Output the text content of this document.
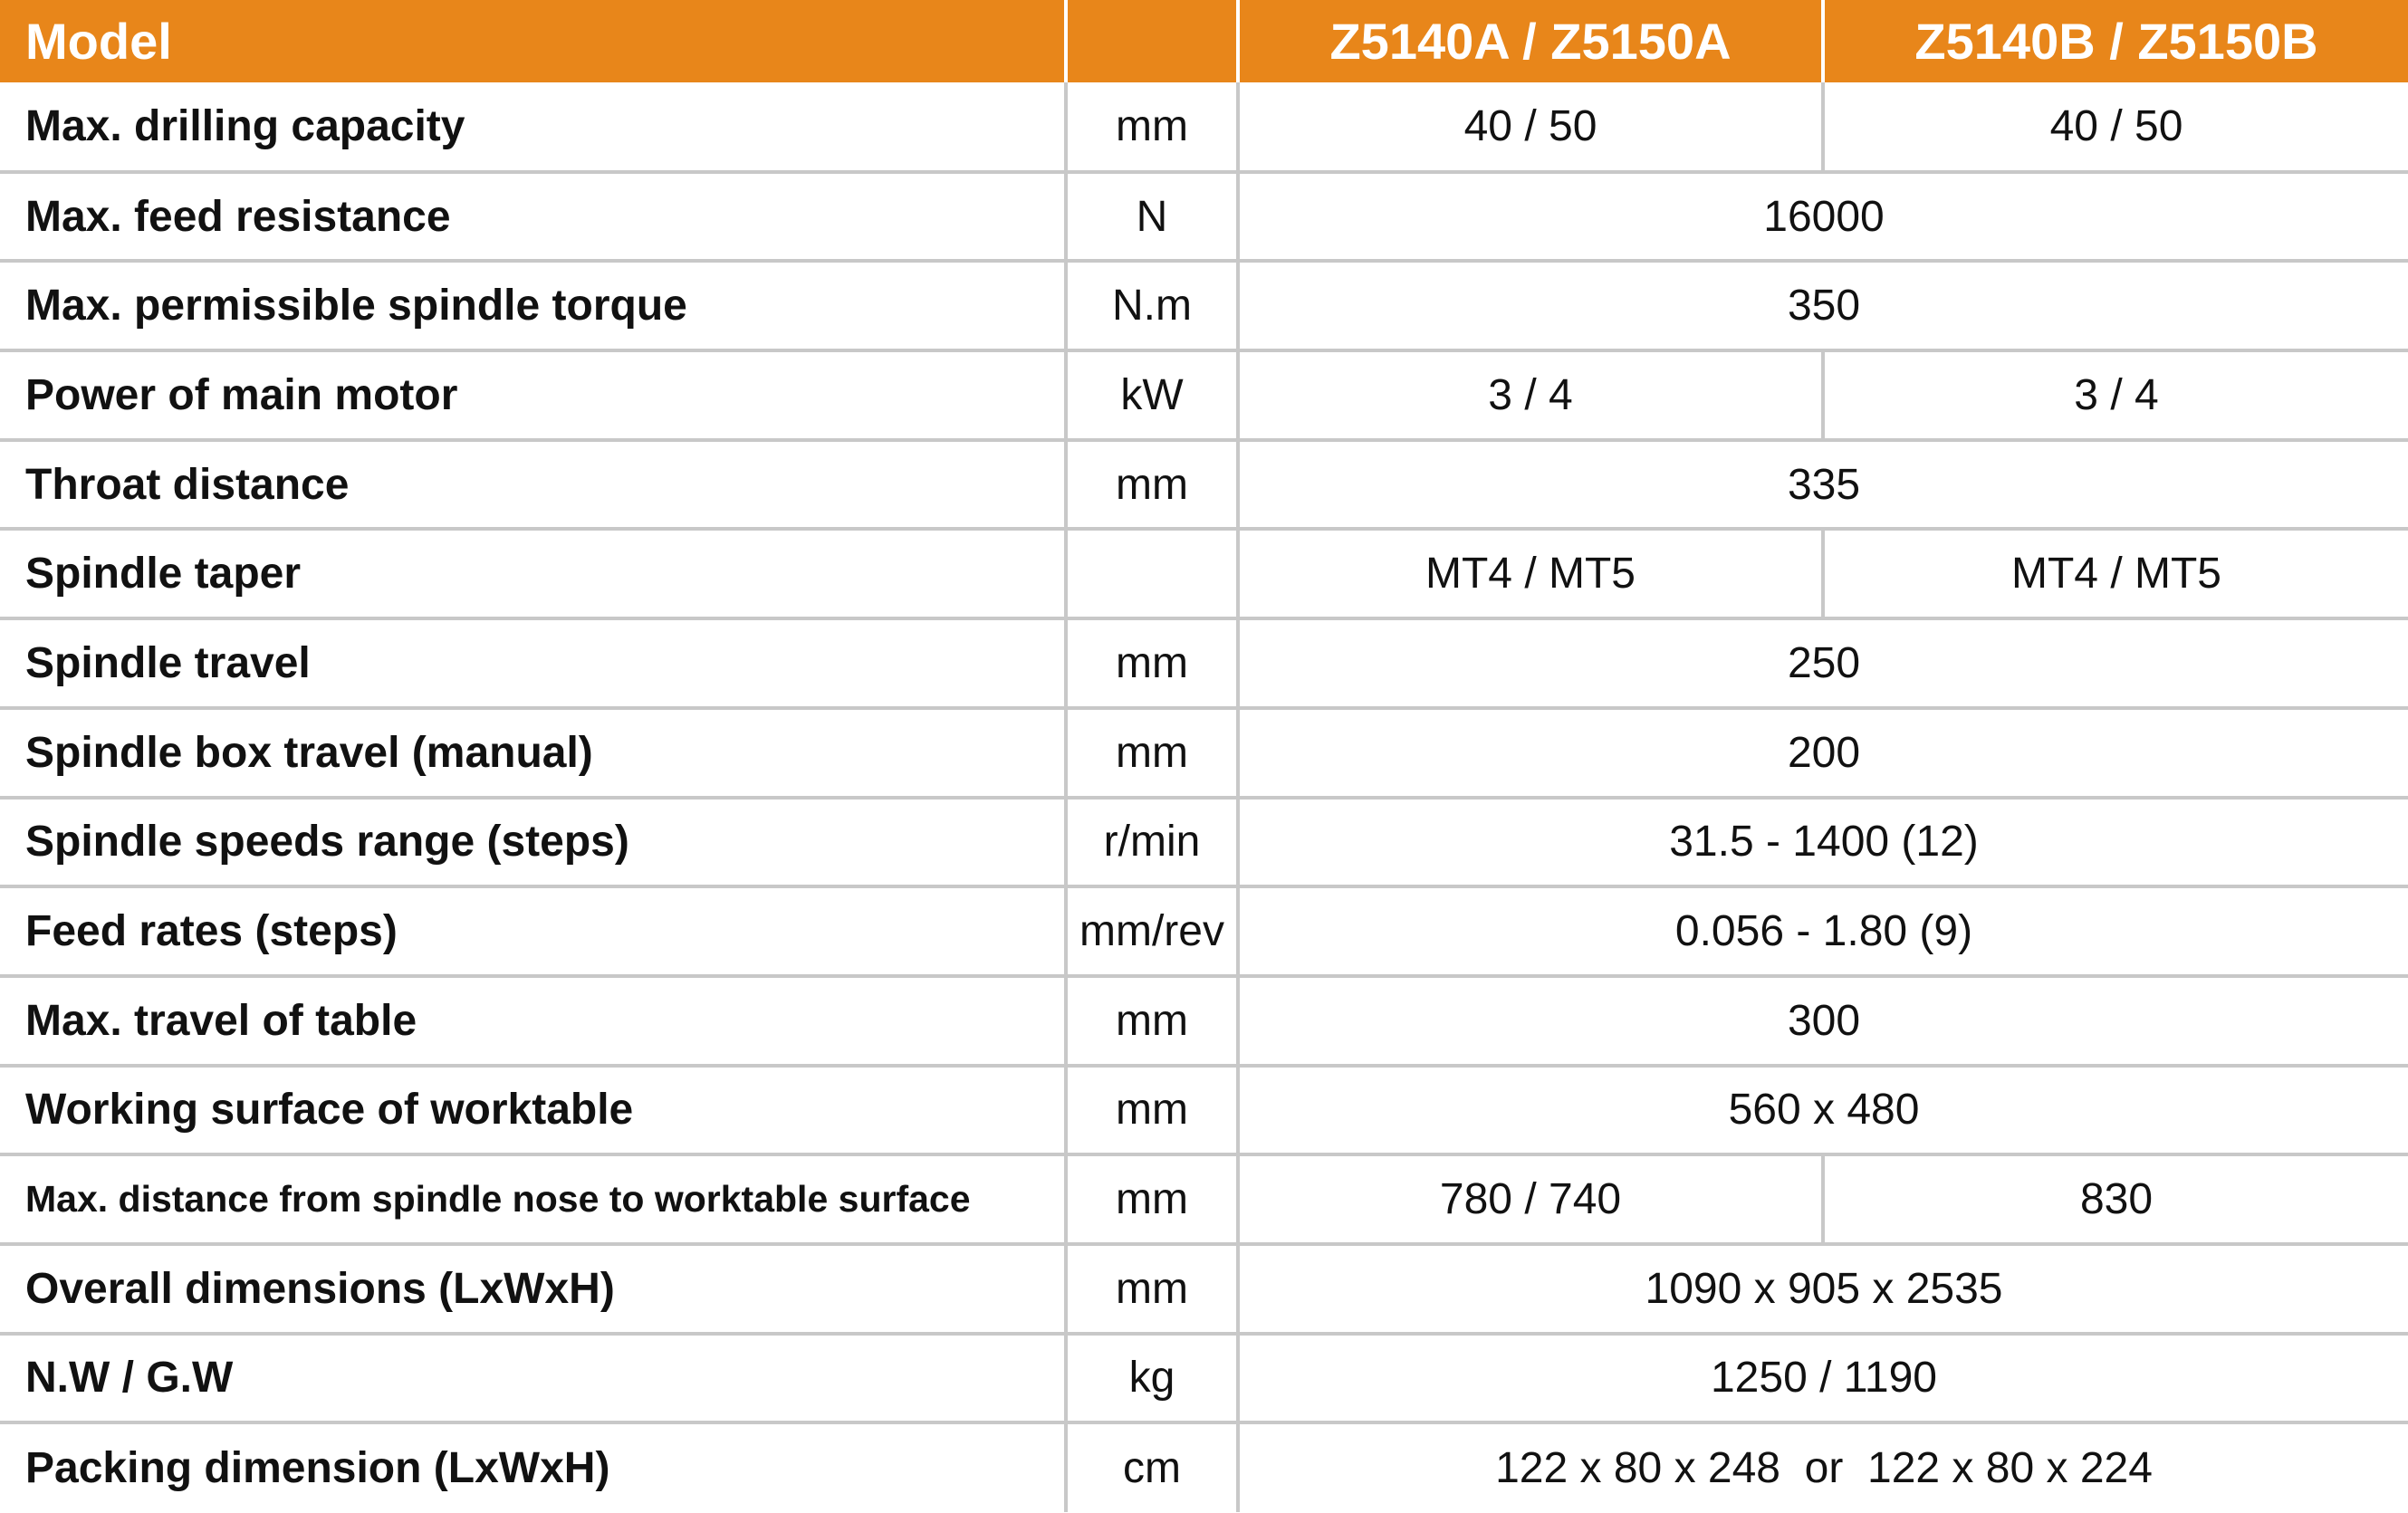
Model		Z5140A / Z5150A	Z5140B / Z5150B
Max. drilling capacity	mm	40 / 50	40 / 50
Max. feed resistance	N	16000	
Max. permissible spindle torque	N.m	350	
Power of main motor	kW	3 / 4	3 / 4
Throat distance	mm	335	
Spindle taper		MT4 / MT5	MT4 / MT5
Spindle travel	mm	250	
Spindle box travel (manual)	mm	200	
Spindle speeds range (steps)	r/min	31.5 - 1400 (12)	
Feed rates (steps)	mm/rev	0.056 - 1.80 (9)	
Max. travel of table	mm	300	
Working surface of worktable	mm	560 x 480	
Max. distance from spindle nose to worktable surface	mm	780 / 740	830
Overall dimensions (LxWxH)	mm	1090 x 905 x 2535	
N.W / G.W	kg	1250 / 1190	
Packing dimension (LxWxH)	cm	122 x 80 x 248  or  122 x 80 x 224	
